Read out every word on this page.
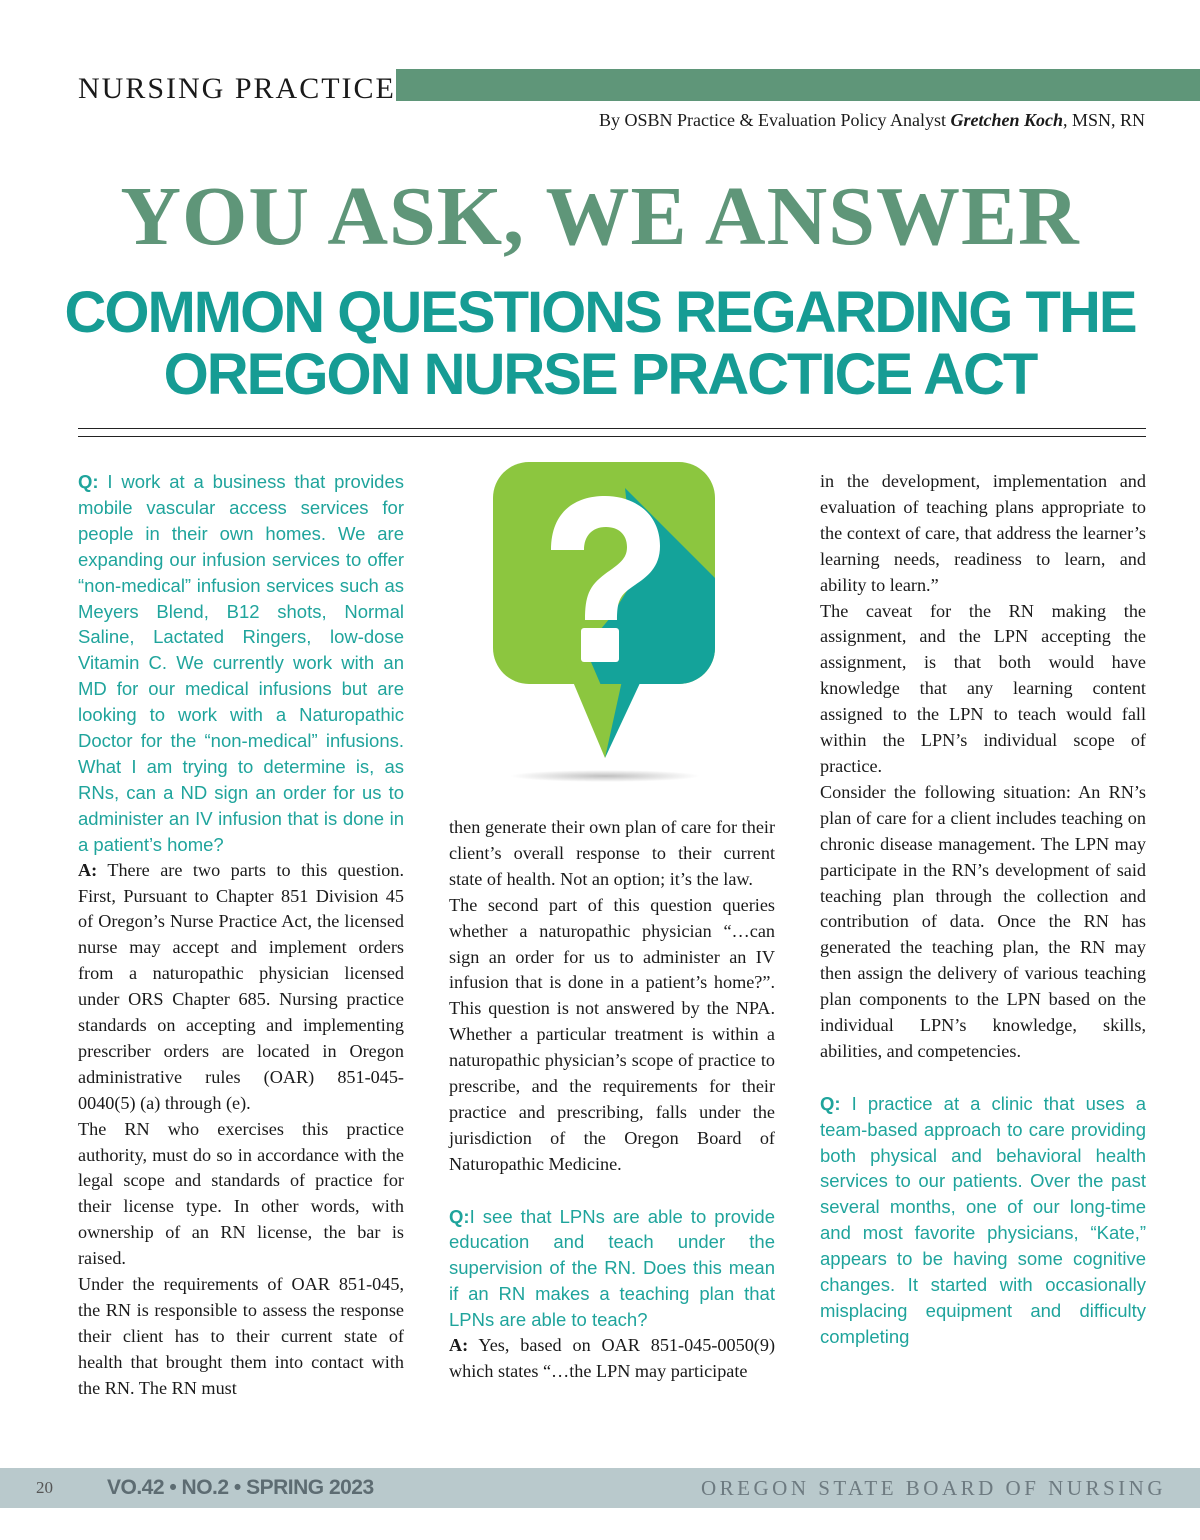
NURSING PRACTICE
By OSBN Practice & Evaluation Policy Analyst Gretchen Koch, MSN, RN
YOU ASK, WE ANSWER
COMMON QUESTIONS REGARDING THE
OREGON NURSE PRACTICE ACT

Q: I work at a business that provides mobile vascular access services for people in their own homes. We are expanding our infusion services to offer “non-medical” infusion services such as Meyers Blend, B12 shots, Normal Saline, Lactated Ringers, low-dose Vitamin C. We currently work with an MD for our medical infusions but are looking to work with a Naturopathic Doctor for the “non-medical” infusions. What I am trying to determine is, as RNs, can a ND sign an order for us to administer an IV infusion that is done in a patient’s home?

A: There are two parts to this question. First, Pursuant to Chapter 851 Division 45 of Oregon’s Nurse Practice Act, the licensed nurse may accept and implement orders from a naturopathic physician licensed under ORS Chapter 685. Nursing practice standards on accepting and implementing prescriber orders are located in Oregon administrative rules (OAR) 851-045-0040(5) (a) through (e).

The RN who exercises this practice authority, must do so in accordance with the legal scope and standards of practice for their license type. In other words, with ownership of an RN license, the bar is raised.

Under the requirements of OAR 851-045, the RN is responsible to assess the response their client has to their current state of health that brought them into contact with the RN. The RN must

then generate their own plan of care for their client’s overall response to their current state of health. Not an option; it’s the law.

The second part of this question queries whether a naturopathic physician “…can sign an order for us to administer an IV infusion that is done in a patient’s home?”. This question is not answered by the NPA. Whether a particular treatment is within a naturopathic physician’s scope of practice to prescribe, and the requirements for their practice and prescribing, falls under the jurisdiction of the Oregon Board of Naturopathic Medicine.

Q:I see that LPNs are able to provide education and teach under the supervision of the RN. Does this mean if an RN makes a teaching plan that LPNs are able to teach?

A: Yes, based on OAR 851-045-0050(9) which states “…the LPN may participate

in the development, implementation and evaluation of teaching plans appropriate to the context of care, that address the learner’s learning needs, readiness to learn, and ability to learn.”

The caveat for the RN making the assignment, and the LPN accepting the assignment, is that both would have knowledge that any learning content assigned to the LPN to teach would fall within the LPN’s individual scope of practice.

Consider the following situation: An RN’s plan of care for a client includes teaching on chronic disease management. The LPN may participate in the RN’s development of said teaching plan through the collection and contribution of data. Once the RN has generated the teaching plan, the RN may then assign the delivery of various teaching plan components to the LPN based on the individual LPN’s knowledge, skills, abilities, and competencies.

Q: I practice at a clinic that uses a team-based approach to care providing both physical and behavioral health services to our patients. Over the past several months, one of our long-time and most favorite physicians, “Kate,” appears to be having some cognitive changes. It started with occasionally misplacing equipment and difficulty completing

20	VO.42 • NO.2 • SPRING 2023	OREGON STATE BOARD OF NURSING
